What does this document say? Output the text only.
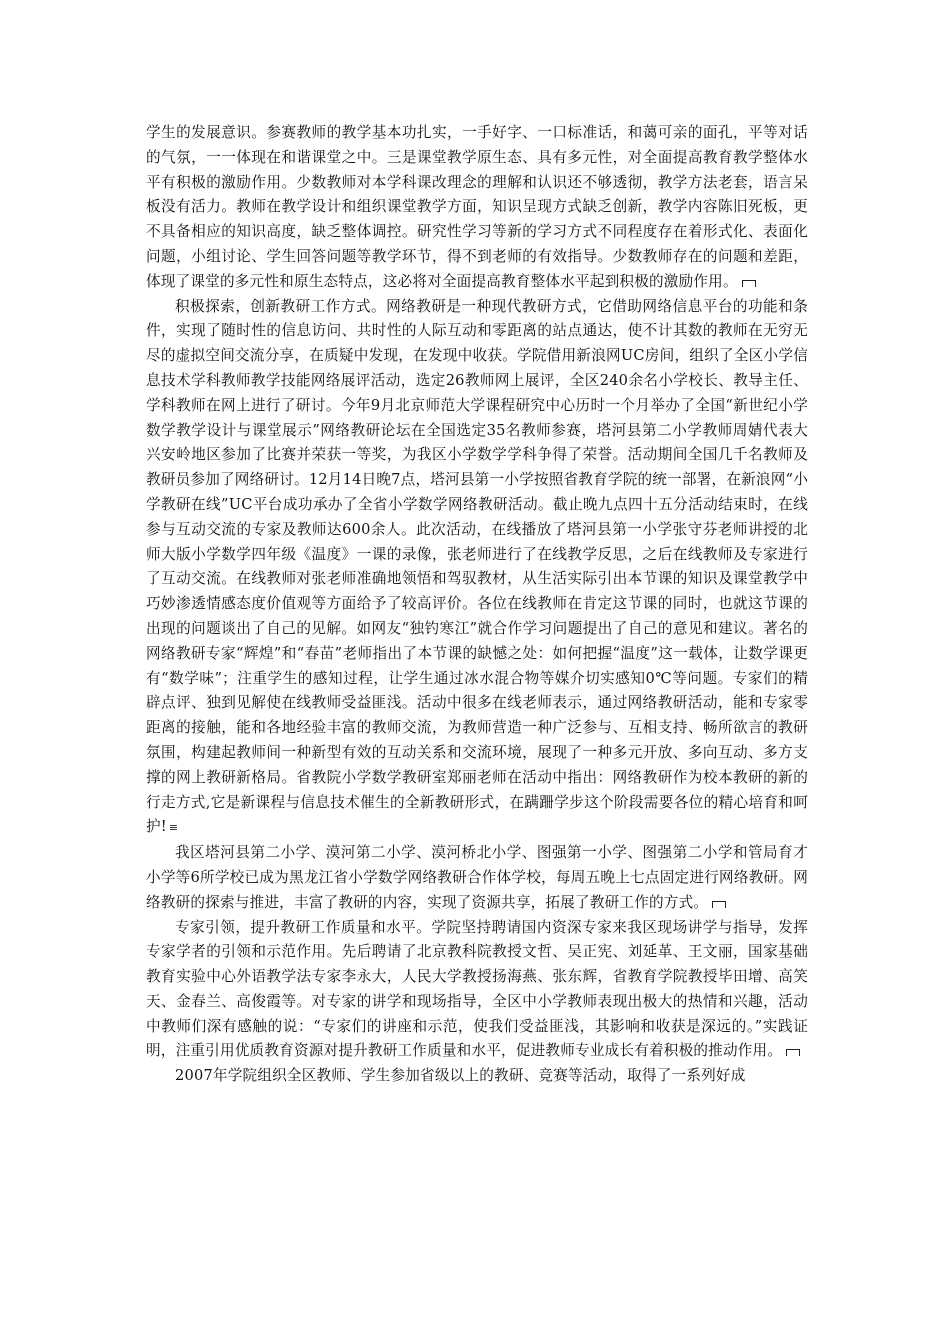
学生的发展意识。参赛教师的教学基本功扎实，一手好字、一口标准话，和蔼可亲的面孔，平等对话的气氛，一一体现在和谐课堂之中。三是课堂教学原生态、具有多元性，对全面提高教育教学整体水平有积极的激励作用。少数教师对本学科课改理念的理解和认识还不够透彻，教学方法老套，语言呆板没有活力。教师在教学设计和组织课堂教学方面，知识呈现方式缺乏创新，教学内容陈旧死板，更不具备相应的知识高度，缺乏整体调控。研究性学习等新的学习方式不同程度存在着形式化、表面化问题，小组讨论、学生回答问题等教学环节，得不到老师的有效指导。少数教师存在的问题和差距，体现了课堂的多元性和原生态特点，这必将对全面提高教育整体水平起到积极的激励作用。

积极探索，创新教研工作方式。网络教研是一种现代教研方式，它借助网络信息平台的功能和条件，实现了随时性的信息访问、共时性的人际互动和零距离的站点通达，使不计其数的教师在无穷无尽的虚拟空间交流分享，在质疑中发现，在发现中收获。学院借用新浪网UC房间，组织了全区小学信息技术学科教师教学技能网络展评活动，选定26教师网上展评，全区240余名小学校长、教导主任、学科教师在网上进行了研讨。今年9月北京师范大学课程研究中心历时一个月举办了全国“新世纪小学数学教学设计与课堂展示”网络教研论坛在全国选定35名教师参赛，塔河县第二小学教师周婧代表大兴安岭地区参加了比赛并荣获一等奖，为我区小学数学学科争得了荣誉。活动期间全国几千名教师及教研员参加了网络研讨。12月14日晚7点，塔河县第一小学按照省教育学院的统一部署，在新浪网“小学教研在线”UC平台成功承办了全省小学数学网络教研活动。截止晚九点四十五分活动结束时，在线参与互动交流的专家及教师达600余人。此次活动，在线播放了塔河县第一小学张守芬老师讲授的北师大版小学数学四年级《温度》一课的录像，张老师进行了在线教学反思，之后在线教师及专家进行了互动交流。在线教师对张老师准确地领悟和驾驭教材，从生活实际引出本节课的知识及课堂教学中巧妙渗透情感态度价值观等方面给予了较高评价。各位在线教师在肯定这节课的同时，也就这节课的出现的问题谈出了自己的见解。如网友“独钓寒江”就合作学习问题提出了自己的意见和建议。著名的网络教研专家“辉煌”和“春苗”老师指出了本节课的缺憾之处：如何把握“温度”这一载体，让数学课更有“数学味”；注重学生的感知过程，让学生通过冰水混合物等媒介切实感知0℃等问题。专家们的精辟点评、独到见解使在线教师受益匪浅。活动中很多在线老师表示，通过网络教研活动，能和专家零距离的接触，能和各地经验丰富的教师交流，为教师营造一种广泛参与、互相支持、畅所欲言的教研氛围，构建起教师间一种新型有效的互动关系和交流环境，展现了一种多元开放、多向互动、多方支撑的网上教研新格局。省教院小学数学教研室郑丽老师在活动中指出：网络教研作为校本教研的新的行走方式,它是新课程与信息技术催生的全新教研形式，在蹒跚学步这个阶段需要各位的精心培育和呵护! ≡

我区塔河县第二小学、漠河第二小学、漠河桥北小学、图强第一小学、图强第二小学和管局育才小学等6所学校已成为黑龙江省小学数学网络教研合作体学校，每周五晚上七点固定进行网络教研。网络教研的探索与推进，丰富了教研的内容，实现了资源共享，拓展了教研工作的方式。

专家引领，提升教研工作质量和水平。学院坚持聘请国内资深专家来我区现场讲学与指导，发挥专家学者的引领和示范作用。先后聘请了北京教科院教授文哲、吴正宪、刘延革、王文丽，国家基础教育实验中心外语教学法专家李永大，人民大学教授扬海燕、张东辉，省教育学院教授毕田增、高笑天、金春兰、高俊霞等。对专家的讲学和现场指导，全区中小学教师表现出极大的热情和兴趣，活动中教师们深有感触的说：“专家们的讲座和示范，使我们受益匪浅，其影响和收获是深远的。”实践证明，注重引用优质教育资源对提升教研工作质量和水平，促进教师专业成长有着积极的推动作用。

2007年学院组织全区教师、学生参加省级以上的教研、竞赛等活动，取得了一系列好成
